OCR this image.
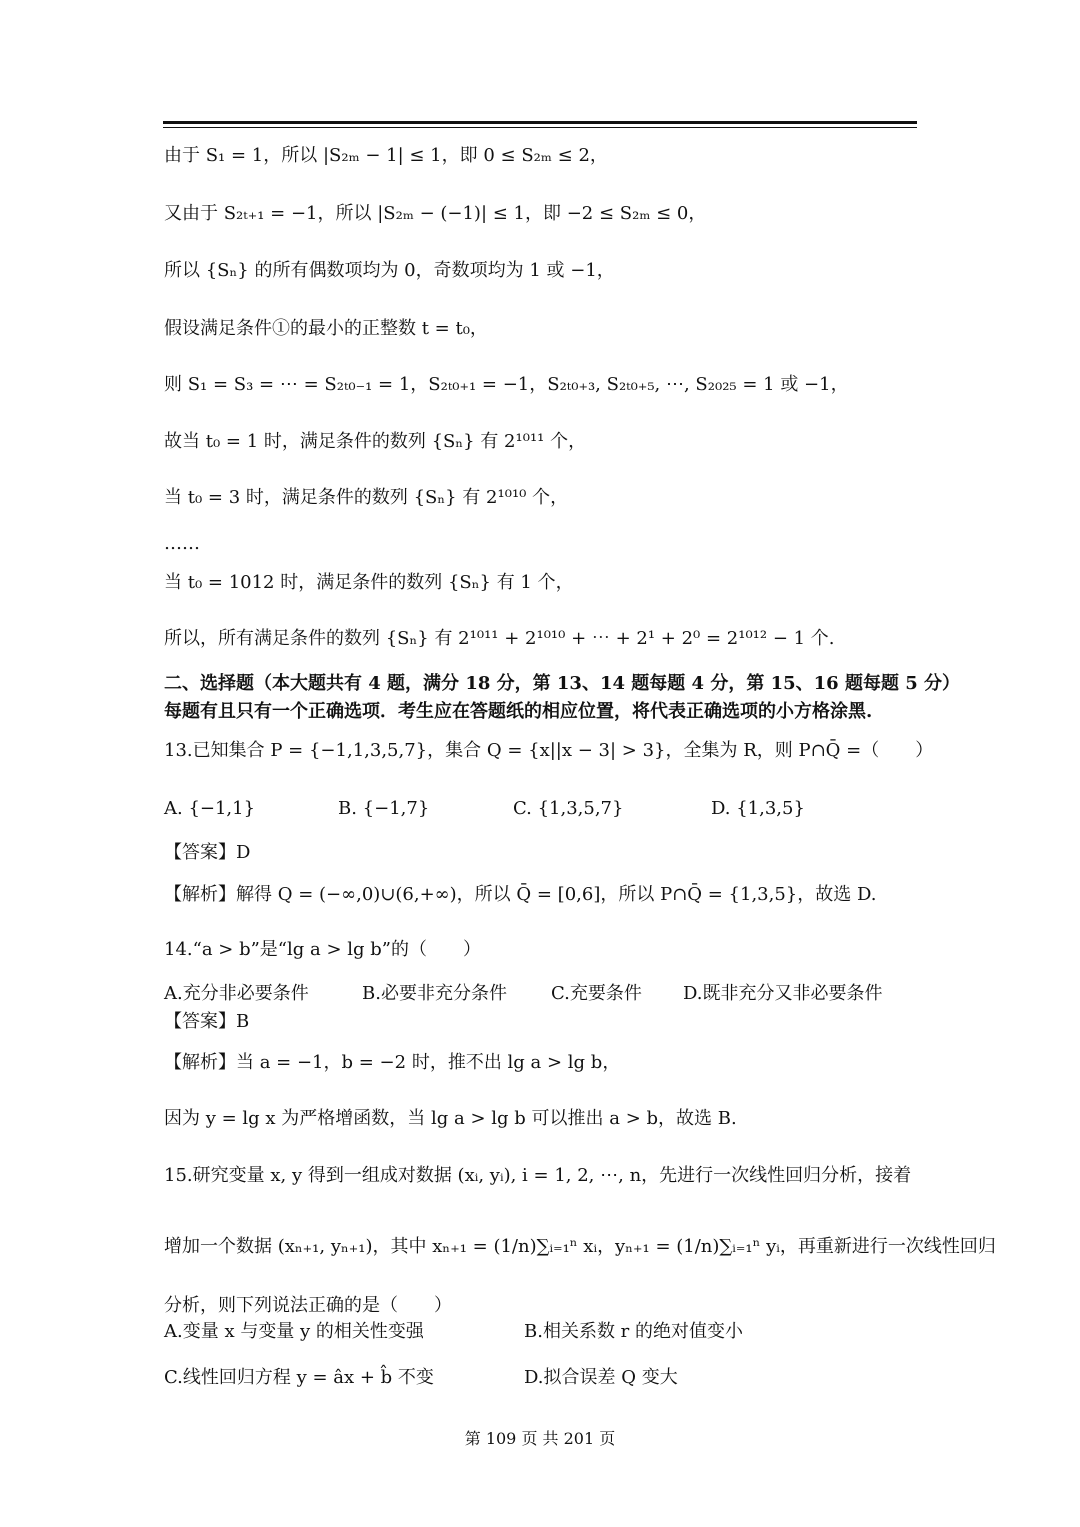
由于 S₁ = 1，所以 |S₂ₘ − 1| ≤ 1，即 0 ≤ S₂ₘ ≤ 2，
又由于 S₂ₜ₊₁ = −1，所以 |S₂ₘ − (−1)| ≤ 1，即 −2 ≤ S₂ₘ ≤ 0，
所以 {Sₙ} 的所有偶数项均为 0，奇数项均为 1 或 −1，
假设满足条件①的最小的正整数 t = t₀，
则 S₁ = S₃ = ⋯ = S₂ₜ₀₋₁ = 1，S₂ₜ₀₊₁ = −1，S₂ₜ₀₊₃, S₂ₜ₀₊₅, ⋯, S₂₀₂₅ = 1 或 −1，
故当 t₀ = 1 时，满足条件的数列 {Sₙ} 有 2¹⁰¹¹ 个，
当 t₀ = 3 时，满足条件的数列 {Sₙ} 有 2¹⁰¹⁰ 个，
……
当 t₀ = 1012 时，满足条件的数列 {Sₙ} 有 1 个，
所以，所有满足条件的数列 {Sₙ} 有 2¹⁰¹¹ + 2¹⁰¹⁰ + ⋯ + 2¹ + 2⁰ = 2¹⁰¹² − 1 个.
二、选择题（本大题共有 4 题，满分 18 分，第 13、14 题每题 4 分，第 15、16 题每题 5 分）
每题有且只有一个正确选项．考生应在答题纸的相应位置，将代表正确选项的小方格涂黑.
13.已知集合 P = {−1,1,3,5,7}，集合 Q = {x||x − 3| > 3}，全集为 R，则 P∩Q̄ =（　　）
A. {−1,1}	B. {−1,7}	C. {1,3,5,7}	D. {1,3,5}
【答案】D
【解析】解得 Q = (−∞,0)∪(6,+∞)，所以 Q̄ = [0,6]，所以 P∩Q̄ = {1,3,5}，故选 D.
14.“a > b”是“lg a > lg b”的（　　）
A.充分非必要条件	B.必要非充分条件 C.充要条件 D.既非充分又非必要条件
【答案】B
【解析】当 a = −1，b = −2 时，推不出 lg a > lg b，
因为 y = lg x 为严格增函数，当 lg a > lg b 可以推出 a > b，故选 B.
15.研究变量 x, y 得到一组成对数据 (xᵢ, yᵢ), i = 1, 2, ⋯, n，先进行一次线性回归分析，接着
增加一个数据 (xₙ₊₁, yₙ₊₁)，其中 xₙ₊₁ = (1/n)∑ᵢ₌₁ⁿ xᵢ，yₙ₊₁ = (1/n)∑ᵢ₌₁ⁿ yᵢ，再重新进行一次线性回归
分析，则下列说法正确的是（　　）
A.变量 x 与变量 y 的相关性变强	B.相关系数 r 的绝对值变小
C.线性回归方程 y = âx + b̂ 不变	D.拟合误差 Q 变大
第 109 页 共 201 页
